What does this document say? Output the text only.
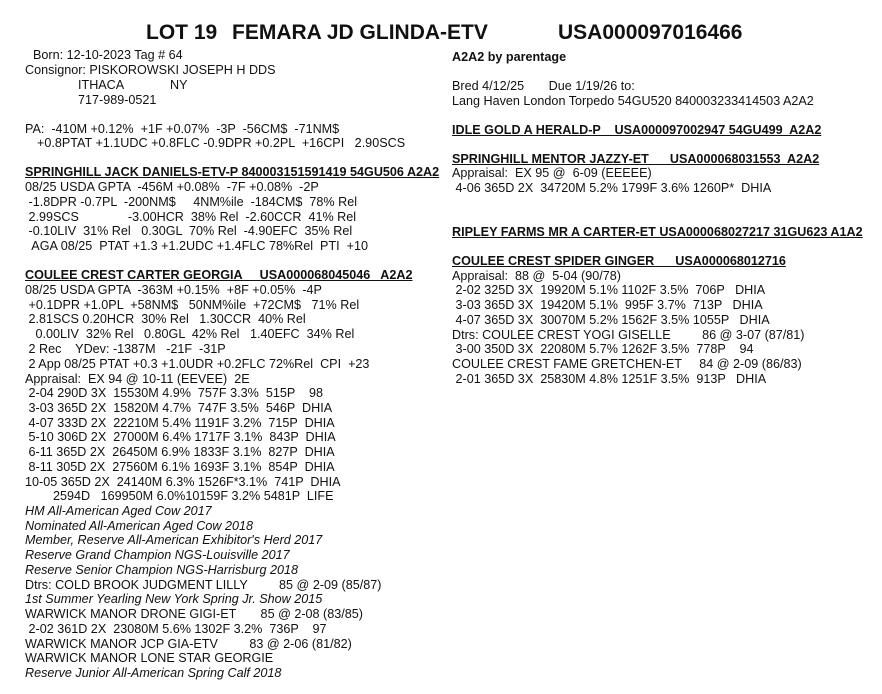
LOT 19 FEMARA JD GLINDA-ETV	USA000097016466
Born: 12-10-2023 Tag # 64
Consignor: PISKOROWSKI JOSEPH H DDS
ITHACA	NY
717-989-0521
PA:  -410M +0.12%  +1F +0.07%  -3P  -56CM$  -71NM$
+0.8PTAT +1.1UDC +0.8FLC -0.9DPR +0.2PL  +16CPI   2.90SCS
SPRINGHILL JACK DANIELS-ETV-P 840003151591419 54GU506 A2A2
08/25 USDA GPTA  -456M +0.08%  -7F +0.08%  -2P
-1.8DPR -0.7PL  -200NM$     4NM%ile  -184CM$  78% Rel
2.99SCS              -3.00HCR  38% Rel  -2.60CCR  41% Rel
-0.10LIV  31% Rel   0.30GL  70% Rel  -4.90EFC  35% Rel
AGA 08/25  PTAT +1.3 +1.2UDC +1.4FLC 78%Rel  PTI  +10
COULEE CREST CARTER GEORGIA     USA000068045046   A2A2
08/25 USDA GPTA  -363M +0.15%  +8F +0.05%  -4P
+0.1DPR +1.0PL  +58NM$   50NM%ile  +72CM$   71% Rel
2.81SCS 0.20HCR  30% Rel   1.30CCR  40% Rel
0.00LIV  32% Rel   0.80GL  42% Rel   1.40EFC  34% Rel
2 Rec    YDev: -1387M   -21F  -31P
2 App 08/25 PTAT +0.3 +1.0UDR +0.2FLC 72%Rel  CPI  +23
Appraisal:  EX 94 @ 10-11 (EEVEE)  2E
2-04 290D 3X  15530M 4.9%  757F 3.3%  515P    98
3-03 365D 2X  15820M 4.7%  747F 3.5%  546P  DHIA
4-07 333D 2X  22210M 5.4% 1191F 3.2%  715P  DHIA
5-10 306D 2X  27000M 6.4% 1717F 3.1%  843P  DHIA
6-11 365D 2X  26450M 6.9% 1833F 3.1%  827P  DHIA
8-11 305D 2X  27560M 6.1% 1693F 3.1%  854P  DHIA
10-05 365D 2X  24140M 6.3% 1526F*3.1%  741P  DHIA
2594D   169950M 6.0%10159F 3.2% 5481P  LIFE
HM All-American Aged Cow 2017
Nominated All-American Aged Cow 2018
Member, Reserve All-American Exhibitor's Herd 2017
Reserve Grand Champion NGS-Louisville 2017
Reserve Senior Champion NGS-Harrisburg 2018
Dtrs: COLD BROOK JUDGMENT LILLY         85 @ 2-09 (85/87)
1st Summer Yearling New York Spring Jr. Show 2015
WARWICK MANOR DRONE GIGI-ET       85 @ 2-08 (83/85)
2-02 361D 2X  23080M 5.6% 1302F 3.2%  736P    97
WARWICK MANOR JCP GIA-ETV         83 @ 2-06 (81/82)
WARWICK MANOR LONE STAR GEORGIE
Reserve Junior All-American Spring Calf 2018
A2A2 by parentage
Bred 4/12/25       Due 1/19/26 to:
Lang Haven London Torpedo 54GU520 840003233414503 A2A2
IDLE GOLD A HERALD-P    USA000097002947 54GU499  A2A2
SPRINGHILL MENTOR JAZZY-ET      USA000068031553  A2A2
Appraisal:  EX 95 @  6-09 (EEEEE)
4-06 365D 2X  34720M 5.2% 1799F 3.6% 1260P*  DHIA
RIPLEY FARMS MR A CARTER-ET USA000068027217 31GU623 A1A2
COULEE CREST SPIDER GINGER      USA000068012716
Appraisal:  88 @  5-04 (90/78)
2-02 325D 3X  19920M 5.1% 1102F 3.5%  706P   DHIA
3-03 365D 3X  19420M 5.1%  995F 3.7%  713P   DHIA
4-07 365D 3X  30070M 5.2% 1562F 3.5% 1055P   DHIA
Dtrs: COULEE CREST YOGI GISELLE         86 @ 3-07 (87/81)
3-00 350D 3X  22080M 5.7% 1262F 3.5%  778P    94
COULEE CREST FAME GRETCHEN-ET     84 @ 2-09 (86/83)
2-01 365D 3X  25830M 4.8% 1251F 3.5%  913P   DHIA
